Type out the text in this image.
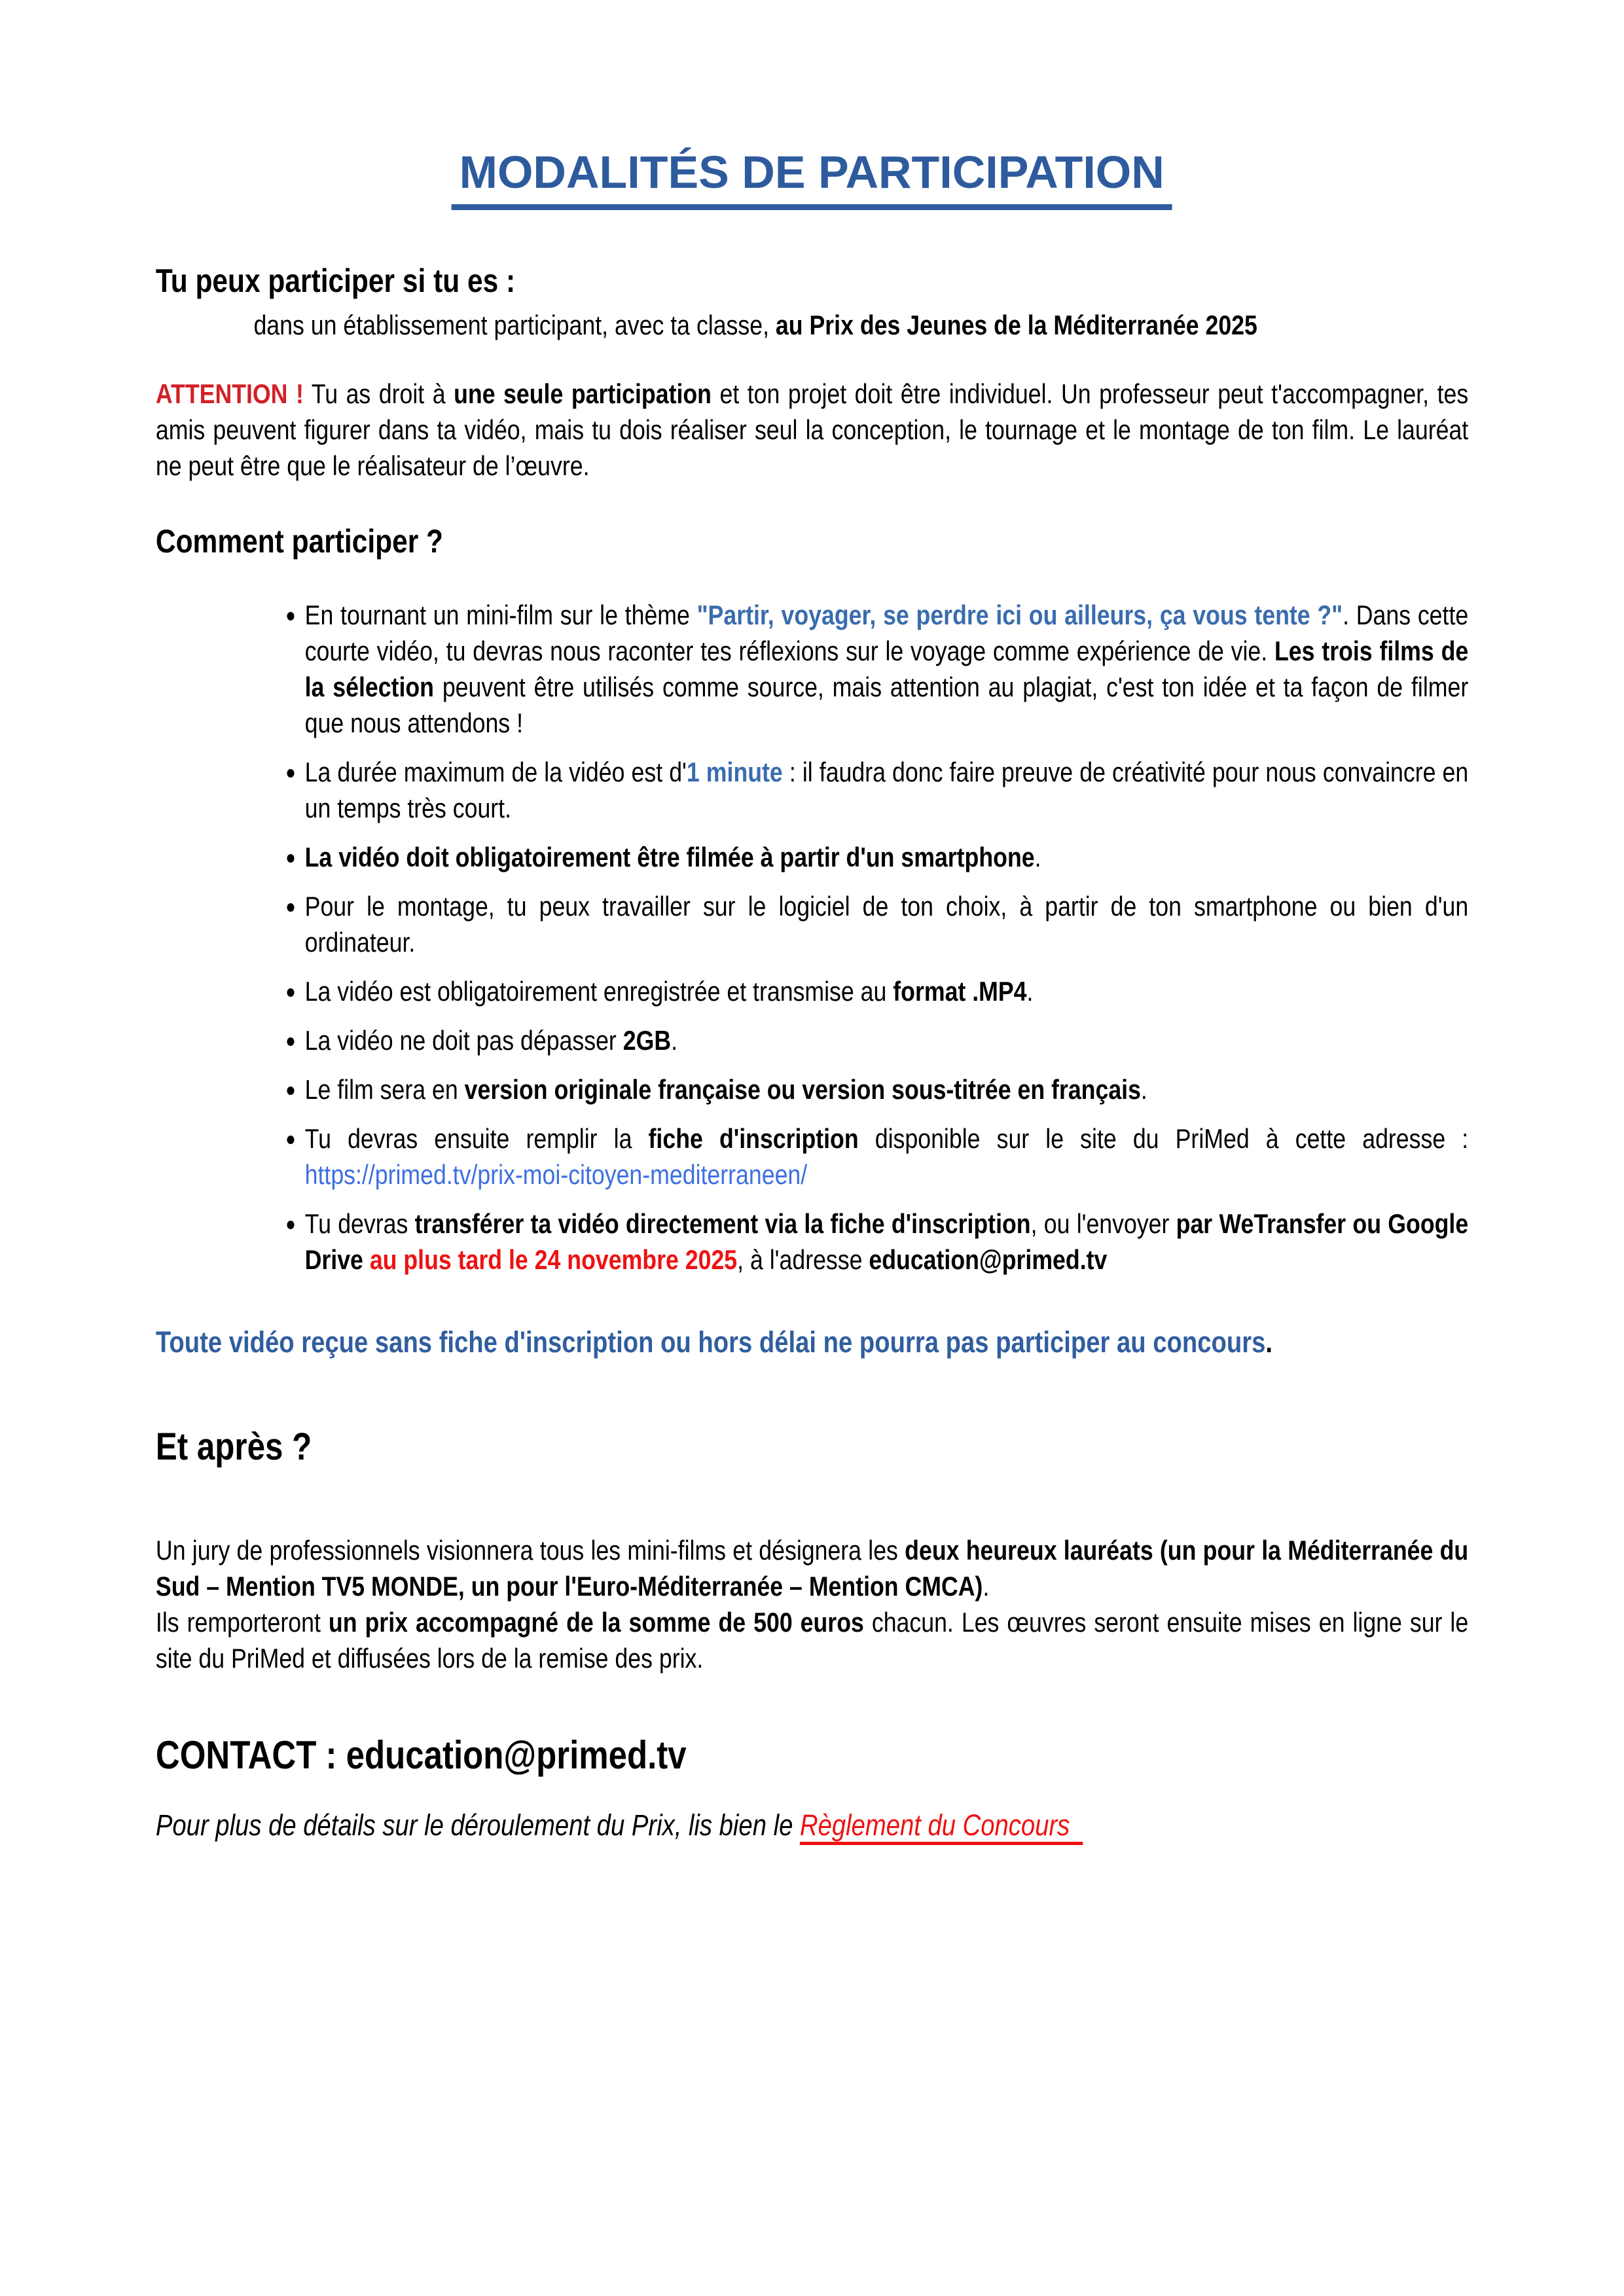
MODALITÉS DE PARTICIPATION
Tu peux participer si tu es :

dans un établissement participant, avec ta classe, au Prix des Jeunes de la Méditerranée 2025

ATTENTION ! Tu as droit à une seule participation et ton projet doit être individuel. Un professeur peut t'accompagner, tes amis peuvent figurer dans ta vidéo, mais tu dois réaliser seul la conception, le tournage et le montage de ton film. Le lauréat ne peut être que le réalisateur de l’œuvre.

Comment participer ?
• En tournant un mini-film sur le thème "Partir, voyager, se perdre ici ou ailleurs, ça vous tente ?". Dans cette courte vidéo, tu devras nous raconter tes réflexions sur le voyage comme expérience de vie. Les trois films de la sélection peuvent être utilisés comme source, mais attention au plagiat, c'est ton idée et ta façon de filmer que nous attendons !
• La durée maximum de la vidéo est d'1 minute : il faudra donc faire preuve de créativité pour nous convaincre en un temps très court.
• La vidéo doit obligatoirement être filmée à partir d'un smartphone.
• Pour le montage, tu peux travailler sur le logiciel de ton choix, à partir de ton smartphone ou bien d'un ordinateur.
• La vidéo est obligatoirement enregistrée et transmise au format .MP4.
• La vidéo ne doit pas dépasser 2GB.
• Le film sera en version originale française ou version sous-titrée en français.
• Tu devras ensuite remplir la fiche d'inscription disponible sur le site du PriMed à cette adresse : https://primed.tv/prix-moi-citoyen-mediterraneen/
• Tu devras transférer ta vidéo directement via la fiche d'inscription, ou l'envoyer par WeTransfer ou Google Drive au plus tard le 24 novembre 2025, à l'adresse education@primed.tv

Toute vidéo reçue sans fiche d'inscription ou hors délai ne pourra pas participer au concours.

Et après ?

Un jury de professionnels visionnera tous les mini-films et désignera les deux heureux lauréats (un pour la Méditerranée du Sud – Mention TV5 MONDE, un pour l'Euro-Méditerranée – Mention CMCA).
Ils remporteront un prix accompagné de la somme de 500 euros chacun. Les œuvres seront ensuite mises en ligne sur le site du PriMed et diffusées lors de la remise des prix.

CONTACT : education@primed.tv

Pour plus de détails sur le déroulement du Prix, lis bien le Règlement du Concours
